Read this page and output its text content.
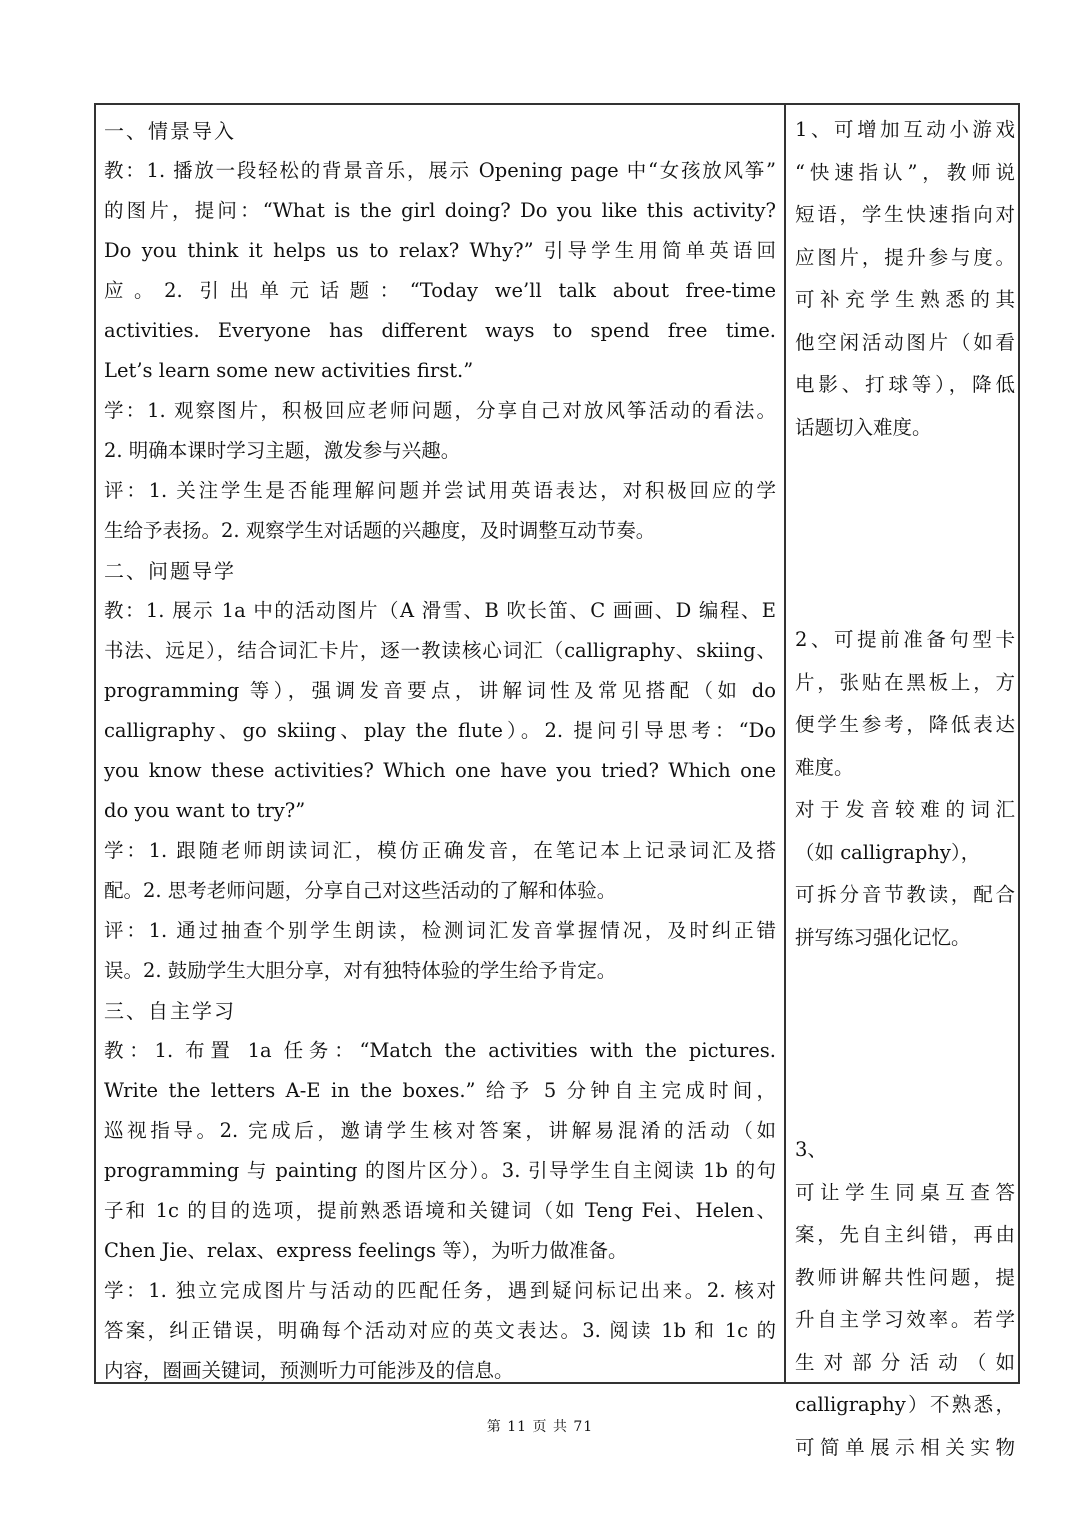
一、情景导入
教：1. 播放一段轻松的背景音乐，展示 Opening page 中“女孩放风筝”
的图片，提问：“What is the girl doing? Do you like this activity?
Do you think it helps us to relax? Why?” 引导学生用简单英语回
应。2. 引出单元话题：“Today we’ll talk about free-time
activities. Everyone has different ways to spend free time.
Let’s learn some new activities first.”
学：1. 观察图片，积极回应老师问题，分享自己对放风筝活动的看法。
2. 明确本课时学习主题，激发参与兴趣。
评：1. 关注学生是否能理解问题并尝试用英语表达，对积极回应的学
生给予表扬。2. 观察学生对话题的兴趣度，及时调整互动节奏。
二、问题导学
教：1. 展示 1a 中的活动图片（A 滑雪、B 吹长笛、C 画画、D 编程、E
书法、远足），结合词汇卡片，逐一教读核心词汇（calligraphy、skiing、
programming 等），强调发音要点，讲解词性及常见搭配（如 do
calligraphy、go skiing、play the flute）。2. 提问引导思考：“Do
you know these activities? Which one have you tried? Which one
do you want to try?”
学：1. 跟随老师朗读词汇，模仿正确发音，在笔记本上记录词汇及搭
配。2. 思考老师问题，分享自己对这些活动的了解和体验。
评：1. 通过抽查个别学生朗读，检测词汇发音掌握情况，及时纠正错
误。2. 鼓励学生大胆分享，对有独特体验的学生给予肯定。
三、自主学习
教：1. 布置 1a 任务：“Match the activities with the pictures.
Write the letters A-E in the boxes.” 给予 5 分钟自主完成时间，
巡视指导。2. 完成后，邀请学生核对答案，讲解易混淆的活动（如
programming 与 painting 的图片区分）。3. 引导学生自主阅读 1b 的句
子和 1c 的目的选项，提前熟悉语境和关键词（如 Teng Fei、Helen、
Chen Jie、relax、express feelings 等），为听力做准备。
学：1. 独立完成图片与活动的匹配任务，遇到疑问标记出来。2. 核对
答案，纠正错误，明确每个活动对应的英文表达。3. 阅读 1b 和 1c 的
内容，圈画关键词，预测听力可能涉及的信息。
1、可增加互动小游戏
“快速指认”，教师说
短语，学生快速指向对
应图片，提升参与度。
可补充学生熟悉的其
他空闲活动图片（如看
电影、打球等），降低
话题切入难度。
2、可提前准备句型卡
片，张贴在黑板上，方
便学生参考，降低表达
难度。
对于发音较难的词汇
（如 calligraphy），
可拆分音节教读，配合
拼写练习强化记忆。
3、
可让学生同桌互查答
案，先自主纠错，再由
教师讲解共性问题，提
升自主学习效率。若学
生对部分活动（如
calligraphy）不熟悉，
可简单展示相关实物
第 11 页 共 71
